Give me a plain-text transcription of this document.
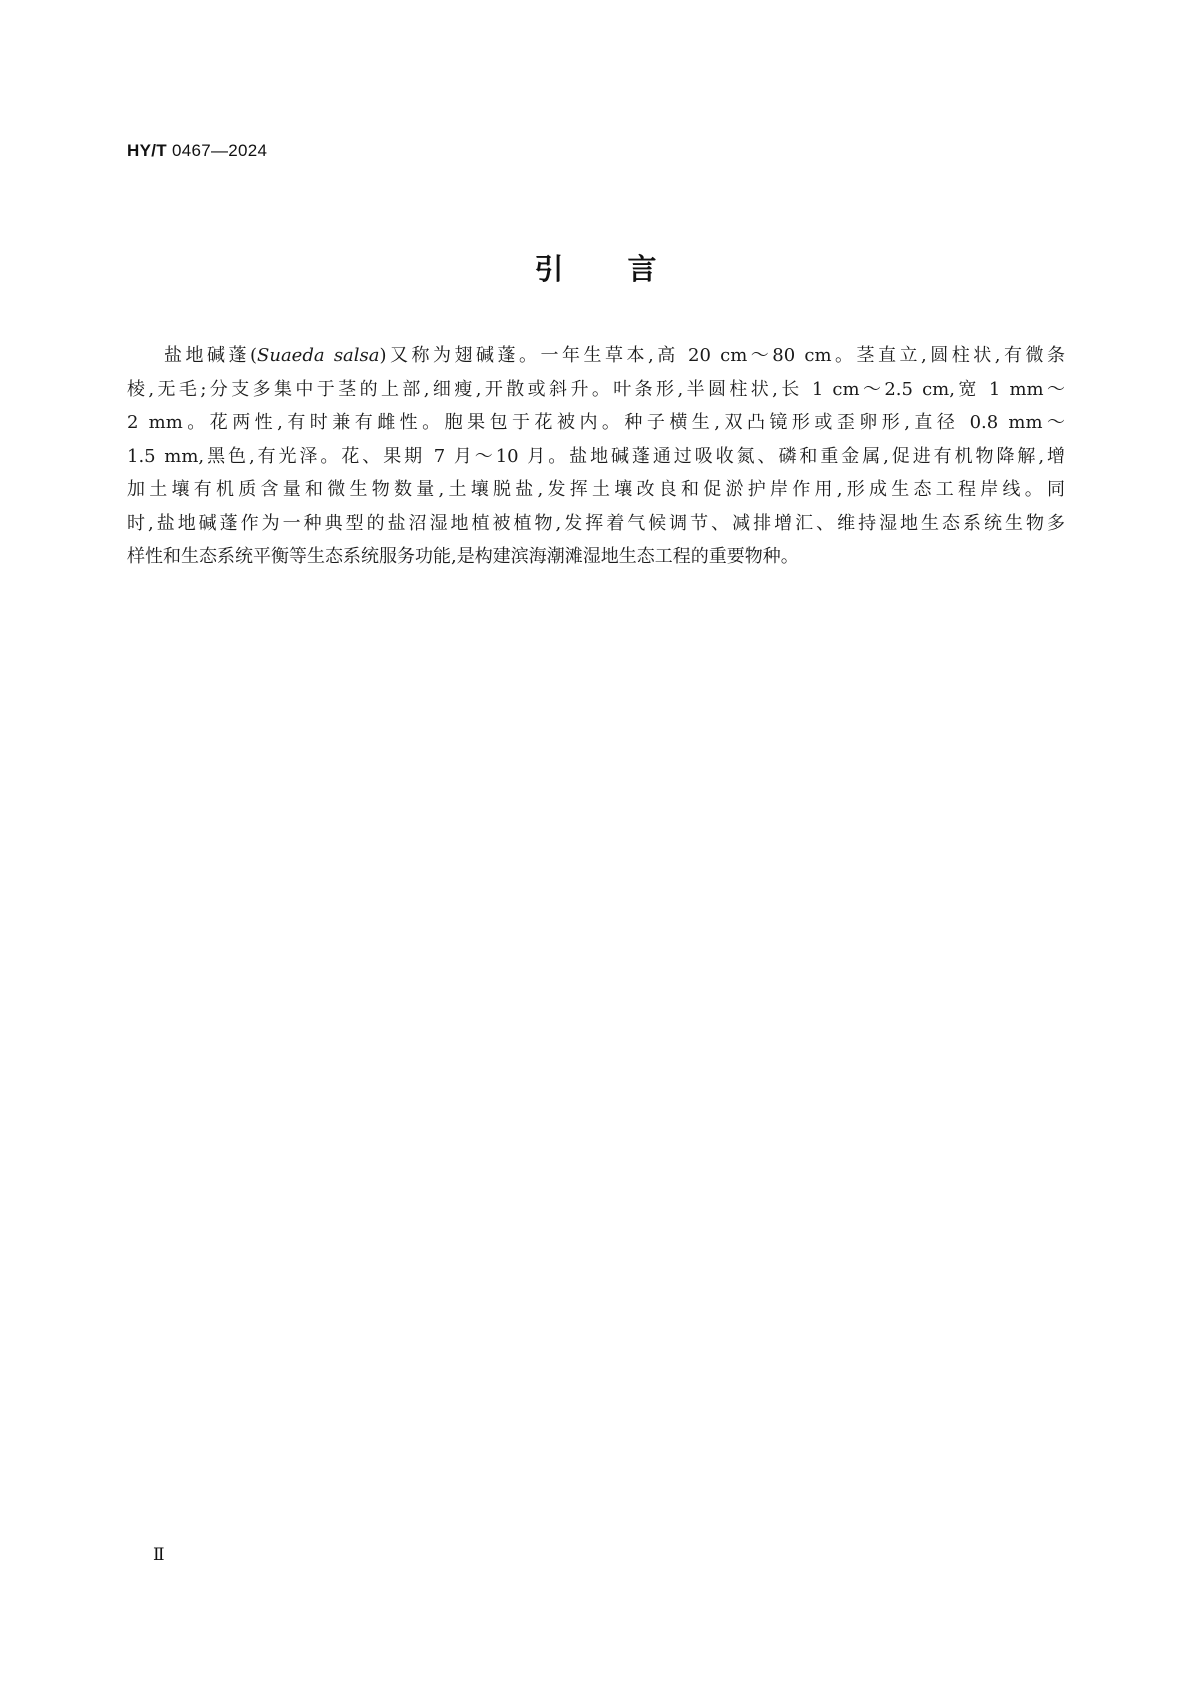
HY/T 0467—2024
引 言
盐地碱蓬(Suaeda salsa)又称为翅碱蓬。一年生草本,高 20 cm～80 cm。茎直立,圆柱状,有微条
棱,无毛;分支多集中于茎的上部,细瘦,开散或斜升。叶条形,半圆柱状,长 1 cm～2.5 cm,宽 1 mm～
2 mm。花两性,有时兼有雌性。胞果包于花被内。种子横生,双凸镜形或歪卵形,直径 0.8 mm～
1.5 mm,黑色,有光泽。花、果期 7 月～10 月。盐地碱蓬通过吸收氮、磷和重金属,促进有机物降解,增
加土壤有机质含量和微生物数量,土壤脱盐,发挥土壤改良和促淤护岸作用,形成生态工程岸线。同
时,盐地碱蓬作为一种典型的盐沼湿地植被植物,发挥着气候调节、减排增汇、维持湿地生态系统生物多
样性和生态系统平衡等生态系统服务功能,是构建滨海潮滩湿地生态工程的重要物种。
Ⅱ
